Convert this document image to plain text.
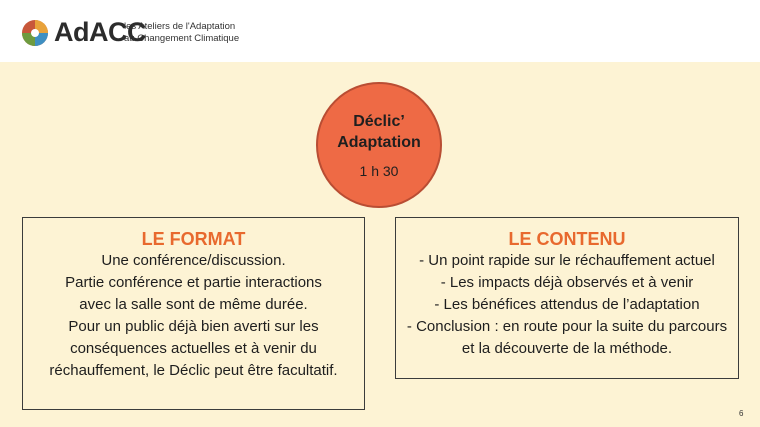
AdACC
les Ateliers de l'Adaptation
au Changement Climatique
Déclic’
Adaptation
1 h 30
LE FORMAT
Une conférence/discussion.
Partie conférence et partie interactions
avec la salle sont de même durée.
Pour un public déjà bien averti sur les
conséquences actuelles et à venir du
réchauffement, le Déclic peut être facultatif.
LE CONTENU
- Un point rapide sur le réchauffement actuel
- Les impacts déjà observés et à venir
- Les bénéfices attendus de l’adaptation
- Conclusion : en route pour la suite du parcours
et la découverte de la méthode.
6
